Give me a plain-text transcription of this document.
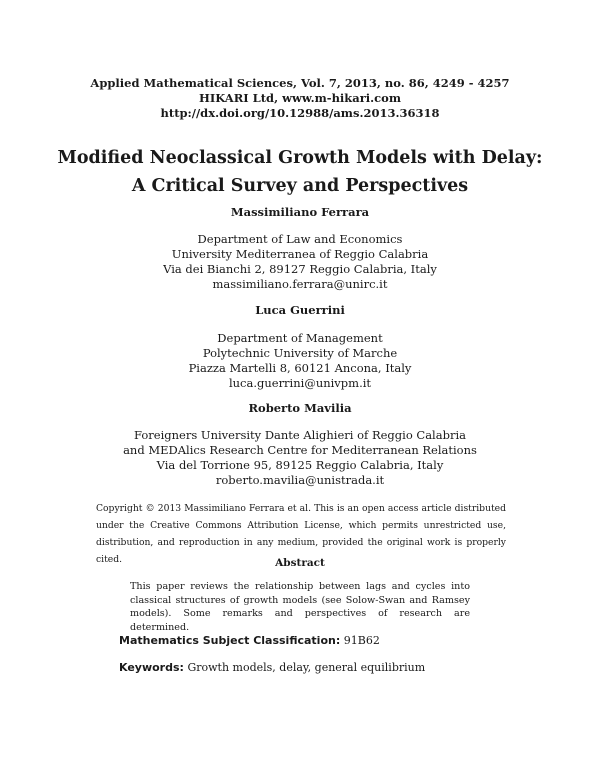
Applied Mathematical Sciences, Vol. 7, 2013, no. 86, 4249 - 4257
HIKARI Ltd, www.m-hikari.com
http://dx.doi.org/10.12988/ams.2013.36318
Modified Neoclassical Growth Models with Delay:
A Critical Survey and Perspectives
Massimiliano Ferrara
Department of Law and Economics
University Mediterranea of Reggio Calabria
Via dei Bianchi 2, 89127 Reggio Calabria, Italy
massimiliano.ferrara@unirc.it
Luca Guerrini
Department of Management
Polytechnic University of Marche
Piazza Martelli 8, 60121 Ancona, Italy
luca.guerrini@univpm.it
Roberto Mavilia
Foreigners University Dante Alighieri of Reggio Calabria
and MEDAlics Research Centre for Mediterranean Relations
Via del Torrione 95, 89125 Reggio Calabria, Italy
roberto.mavilia@unistrada.it
Copyright © 2013 Massimiliano Ferrara et al. This is an open access article distributed under the Creative Commons Attribution License, which permits unrestricted use, distribution, and reproduction in any medium, provided the original work is properly cited.	Abstract
This paper reviews the relationship between lags and cycles into classical structures of growth models (see Solow-Swan and Ramsey models). Some remarks and perspectives of research are determined.
Mathematics Subject Classification: 91B62
Keywords: Growth models, delay, general equilibrium
